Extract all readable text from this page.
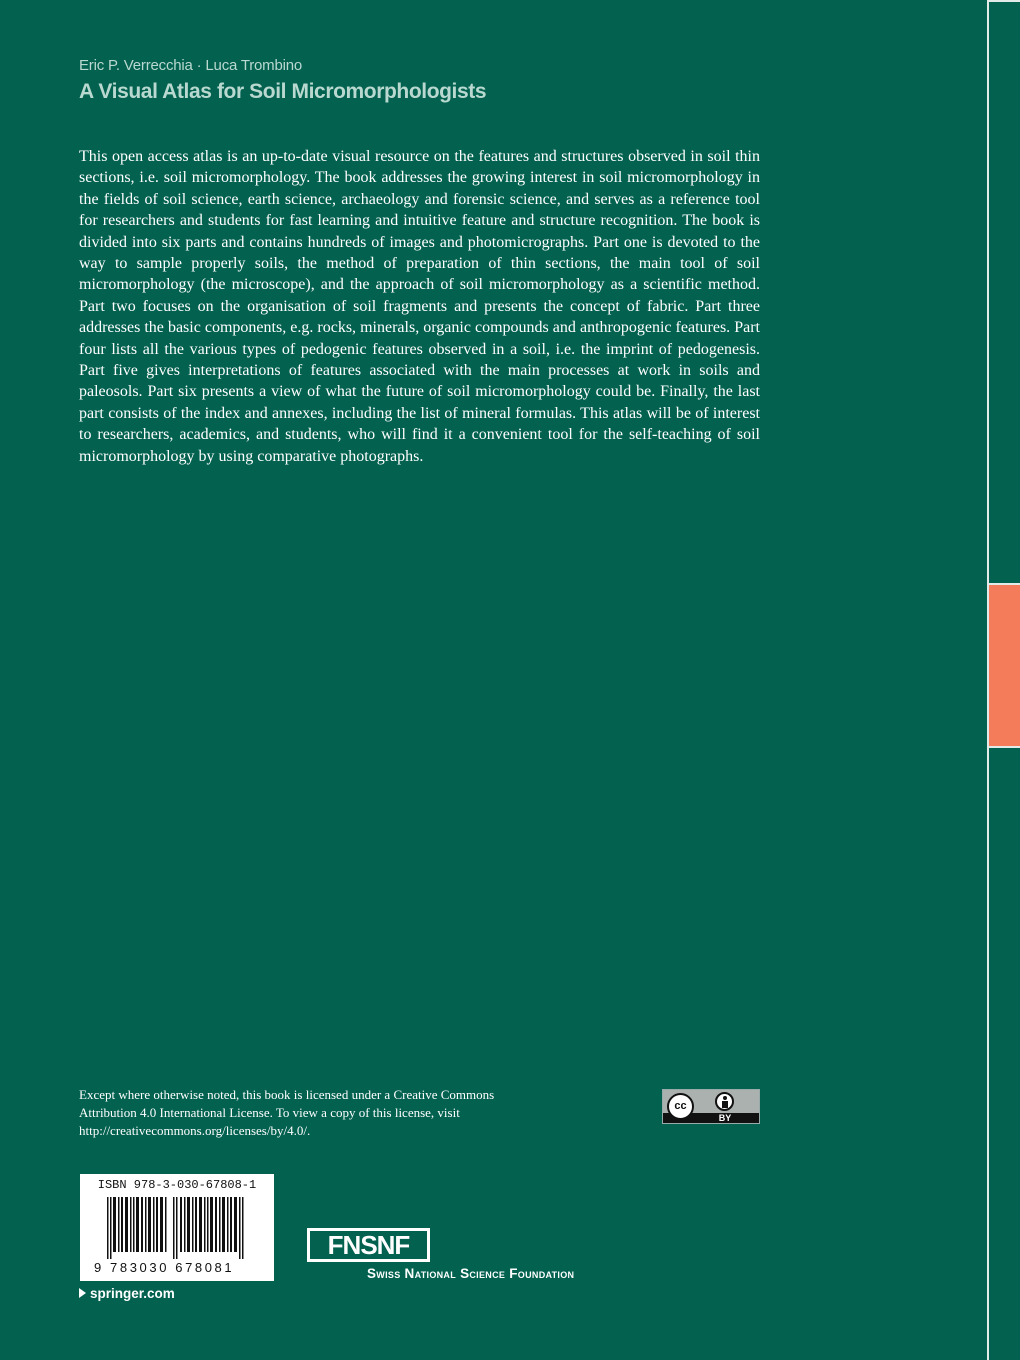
Eric P. Verrecchia · Luca Trombino
A Visual Atlas for Soil Micromorphologists

This open access atlas is an up-to-date visual resource on the features and structures observed in soil thin sections, i.e. soil micromorphology. The book addresses the growing interest in soil micromorphology in the fields of soil science, earth science, archaeology and forensic science, and serves as a reference tool for researchers and students for fast learning and intuitive feature and structure recognition. The book is divided into six parts and contains hundreds of images and photomicrographs. Part one is devoted to the way to sample properly soils, the method of preparation of thin sections, the main tool of soil micromorphology (the microscope), and the approach of soil micromorphology as a scientific method. Part two focuses on the organisation of soil fragments and presents the concept of fabric. Part three addresses the basic components, e.g. rocks, minerals, organic compounds and anthropogenic features. Part four lists all the various types of pedogenic features observed in a soil, i.e. the imprint of pedogenesis. Part five gives interpretations of features associated with the main processes at work in soils and paleosols. Part six presents a view of what the future of soil micromorphology could be. Finally, the last part consists of the index and annexes, including the list of mineral formulas. This atlas will be of interest to researchers, academics, and students, who will find it a convenient tool for the self-teaching of soil micromorphology by using comparative photographs.

Except where otherwise noted, this book is licensed under a Creative Commons Attribution 4.0 International License. To view a copy of this license, visit http://creativecommons.org/licenses/by/4.0/.

cc
BY
ISBN 978-3-030-67808-1
9 783030 678081
springer.com
FNSNF
Swiss National Science Foundation
